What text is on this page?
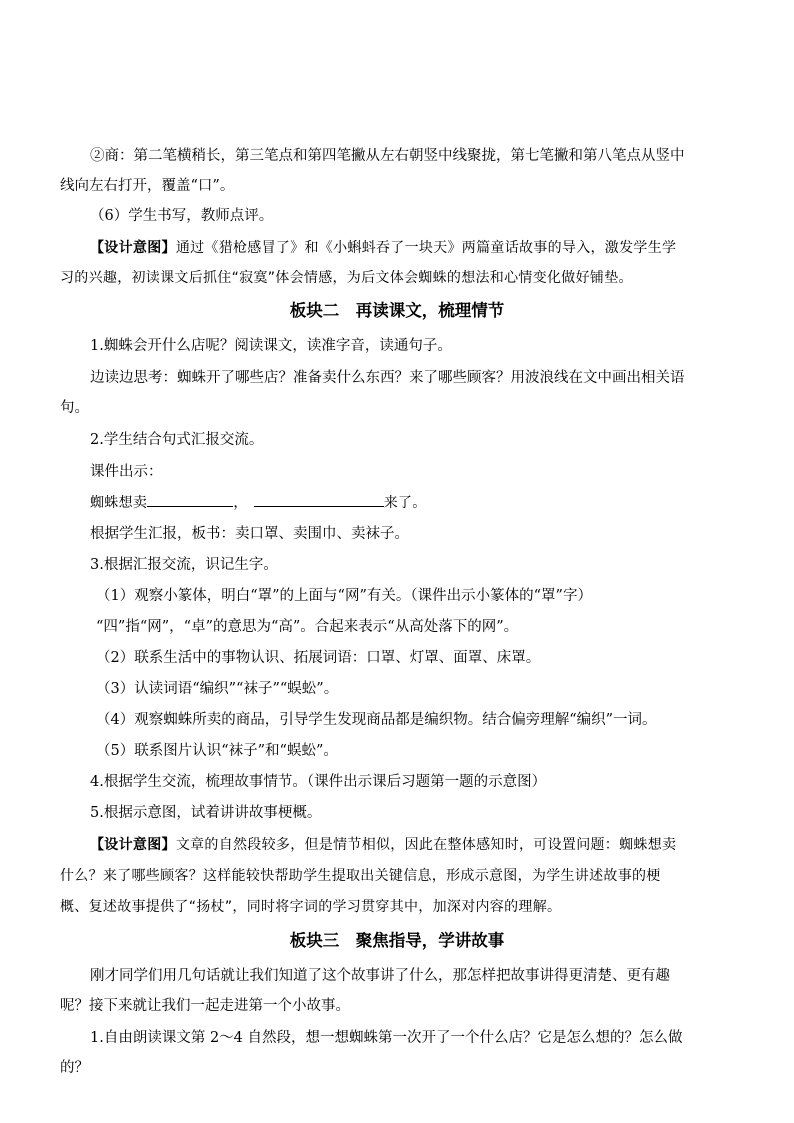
②商：第二笔横稍长，第三笔点和第四笔撇从左右朝竖中线聚拢，第七笔撇和第八笔点从竖中
线向左右打开，覆盖“口”。
（6）学生书写，教师点评。
【设计意图】通过《猎枪感冒了》和《小蝌蚪吞了一块天》两篇童话故事的导入，激发学生学
习的兴趣，初读课文后抓住“寂寞”体会情感，为后文体会蜘蛛的想法和心情变化做好铺垫。
板块二　再读课文，梳理情节
1.蜘蛛会开什么店呢？阅读课文，读准字音，读通句子。
边读边思考：蜘蛛开了哪些店？准备卖什么东西？来了哪些顾客？用波浪线在文中画出相关语
句。
2.学生结合句式汇报交流。
课件出示：
蜘蛛想卖	，	来了。
根据学生汇报，板书：卖口罩、卖围巾、卖袜子。
3.根据汇报交流，识记生字。
（1）观察小篆体，明白“罩”的上面与“网”有关。（课件出示小篆体的“罩”字）
“四”指“网”，“卓”的意思为“高”。合起来表示“从高处落下的网”。
（2）联系生活中的事物认识、拓展词语：口罩、灯罩、面罩、床罩。
（3）认读词语“编织”“袜子”“蜈蚣”。
（4）观察蜘蛛所卖的商品，引导学生发现商品都是编织物。结合偏旁理解“编织”一词。
（5）联系图片认识“袜子”和“蜈蚣”。
4.根据学生交流，梳理故事情节。（课件出示课后习题第一题的示意图）
5.根据示意图，试着讲讲故事梗概。
【设计意图】文章的自然段较多，但是情节相似，因此在整体感知时，可设置问题：蜘蛛想卖
什么？来了哪些顾客？这样能较快帮助学生提取出关键信息，形成示意图，为学生讲述故事的梗
概、复述故事提供了“扬杖”，同时将字词的学习贯穿其中，加深对内容的理解。
板块三　聚焦指导，学讲故事
刚才同学们用几句话就让我们知道了这个故事讲了什么，那怎样把故事讲得更清楚、更有趣
呢？接下来就让我们一起走进第一个小故事。
1.自由朗读课文第 2～4 自然段，想一想蜘蛛第一次开了一个什么店？它是怎么想的？怎么做
的？
